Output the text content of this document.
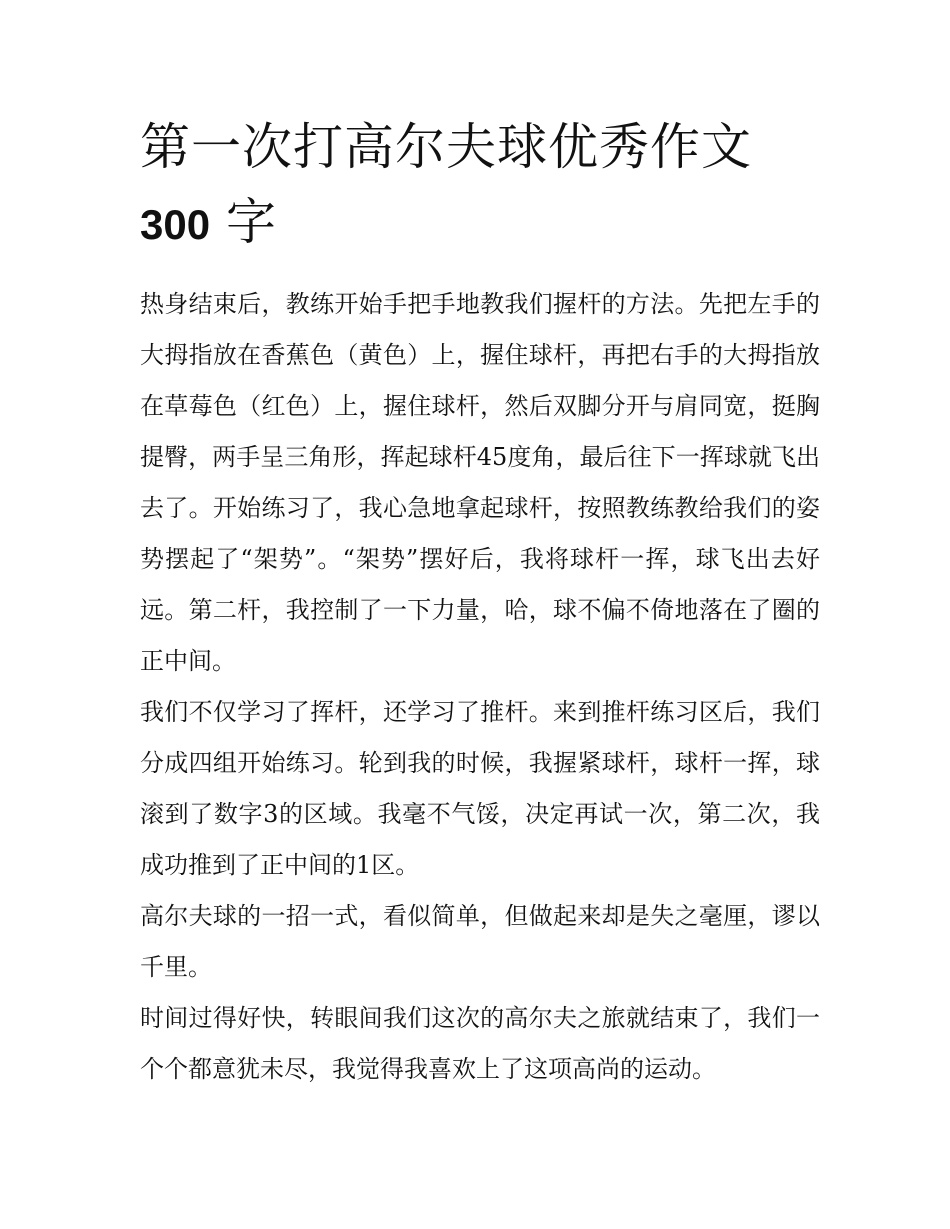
第一次打高尔夫球优秀作文
300 字

热身结束后，教练开始手把手地教我们握杆的方法。先把左手的大拇指放在香蕉色（黄色）上，握住球杆，再把右手的大拇指放在草莓色（红色）上，握住球杆，然后双脚分开与肩同宽，挺胸提臀，两手呈三角形，挥起球杆45度角，最后往下一挥球就飞出去了。开始练习了，我心急地拿起球杆，按照教练教给我们的姿势摆起了“架势”。“架势”摆好后，我将球杆一挥，球飞出去好远。第二杆，我控制了一下力量，哈，球不偏不倚地落在了圈的正中间。

我们不仅学习了挥杆，还学习了推杆。来到推杆练习区后，我们分成四组开始练习。轮到我的时候，我握紧球杆，球杆一挥，球滚到了数字3的区域。我毫不气馁，决定再试一次，第二次，我成功推到了正中间的1区。

高尔夫球的一招一式，看似简单，但做起来却是失之毫厘，谬以千里。

时间过得好快，转眼间我们这次的高尔夫之旅就结束了，我们一个个都意犹未尽，我觉得我喜欢上了这项高尚的运动。
